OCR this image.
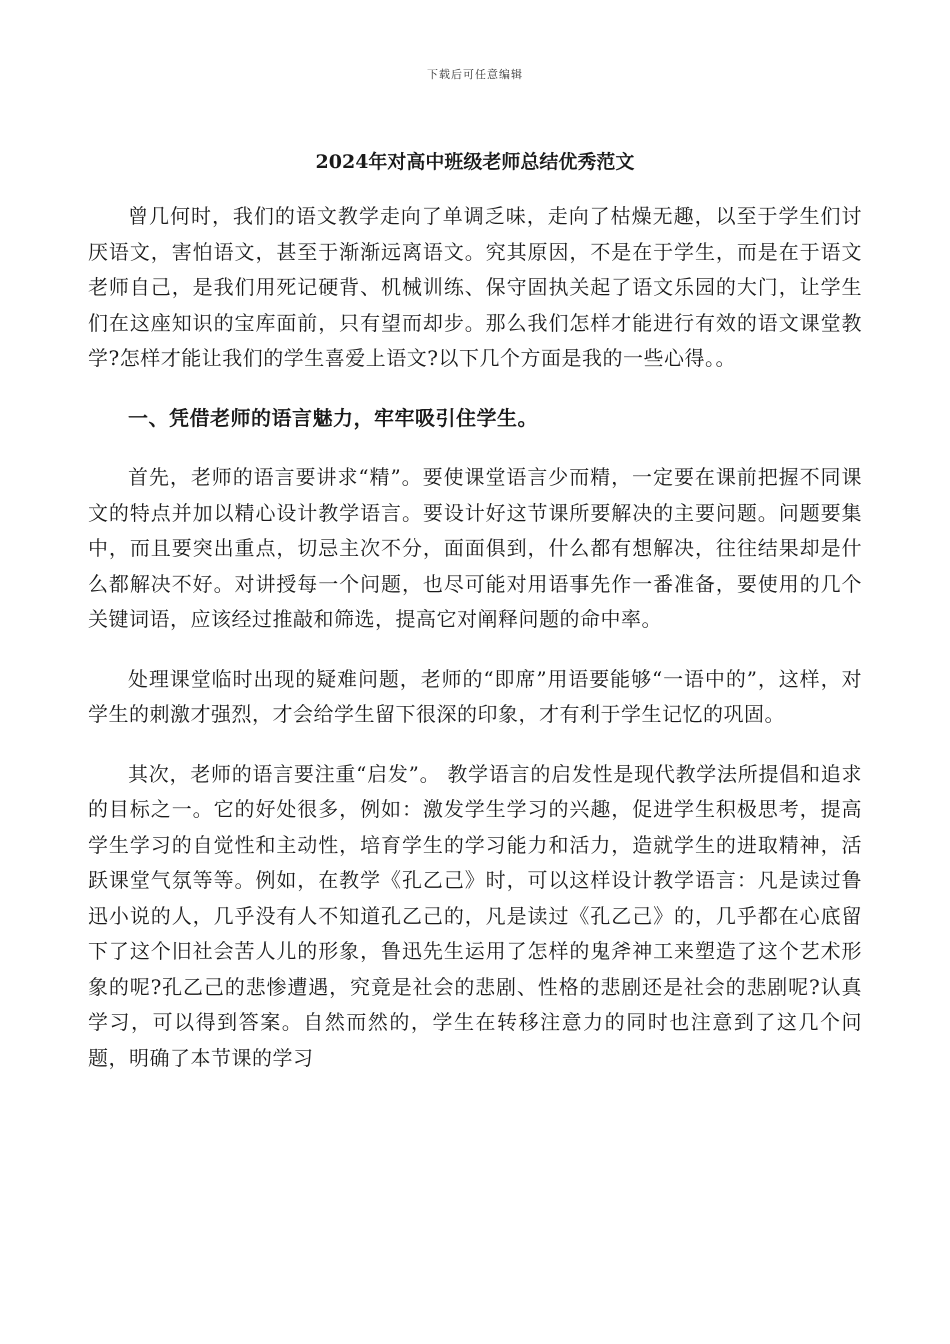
下载后可任意编辑
2024年对高中班级老师总结优秀范文

曾几何时，我们的语文教学走向了单调乏味，走向了枯燥无趣，以至于学生们讨厌语文，害怕语文，甚至于渐渐远离语文。究其原因，不是在于学生，而是在于语文老师自己，是我们用死记硬背、机械训练、保守固执关起了语文乐园的大门，让学生们在这座知识的宝库面前，只有望而却步。那么我们怎样才能进行有效的语文课堂教学?怎样才能让我们的学生喜爱上语文?以下几个方面是我的一些心得。。

一、凭借老师的语言魅力，牢牢吸引住学生。

首先，老师的语言要讲求“精”。要使课堂语言少而精，一定要在课前把握不同课文的特点并加以精心设计教学语言。要设计好这节课所要解决的主要问题。问题要集中，而且要突出重点，切忌主次不分，面面俱到，什么都有想解决，往往结果却是什么都解决不好。对讲授每一个问题，也尽可能对用语事先作一番准备，要使用的几个关键词语，应该经过推敲和筛选，提高它对阐释问题的命中率。

处理课堂临时出现的疑难问题，老师的“即席”用语要能够“一语中的”，这样，对学生的刺激才强烈，才会给学生留下很深的印象，才有利于学生记忆的巩固。

其次，老师的语言要注重“启发”。 教学语言的启发性是现代教学法所提倡和追求的目标之一。它的好处很多，例如：激发学生学习的兴趣，促进学生积极思考，提高学生学习的自觉性和主动性，培育学生的学习能力和活力，造就学生的进取精神，活跃课堂气氛等等。例如，在教学《孔乙己》时，可以这样设计教学语言：凡是读过鲁迅小说的人，几乎没有人不知道孔乙己的，凡是读过《孔乙己》的，几乎都在心底留下了这个旧社会苦人儿的形象，鲁迅先生运用了怎样的鬼斧神工来塑造了这个艺术形象的呢?孔乙己的悲惨遭遇，究竟是社会的悲剧、性格的悲剧还是社会的悲剧呢?认真学习，可以得到答案。自然而然的，学生在转移注意力的同时也注意到了这几个问题，明确了本节课的学习
